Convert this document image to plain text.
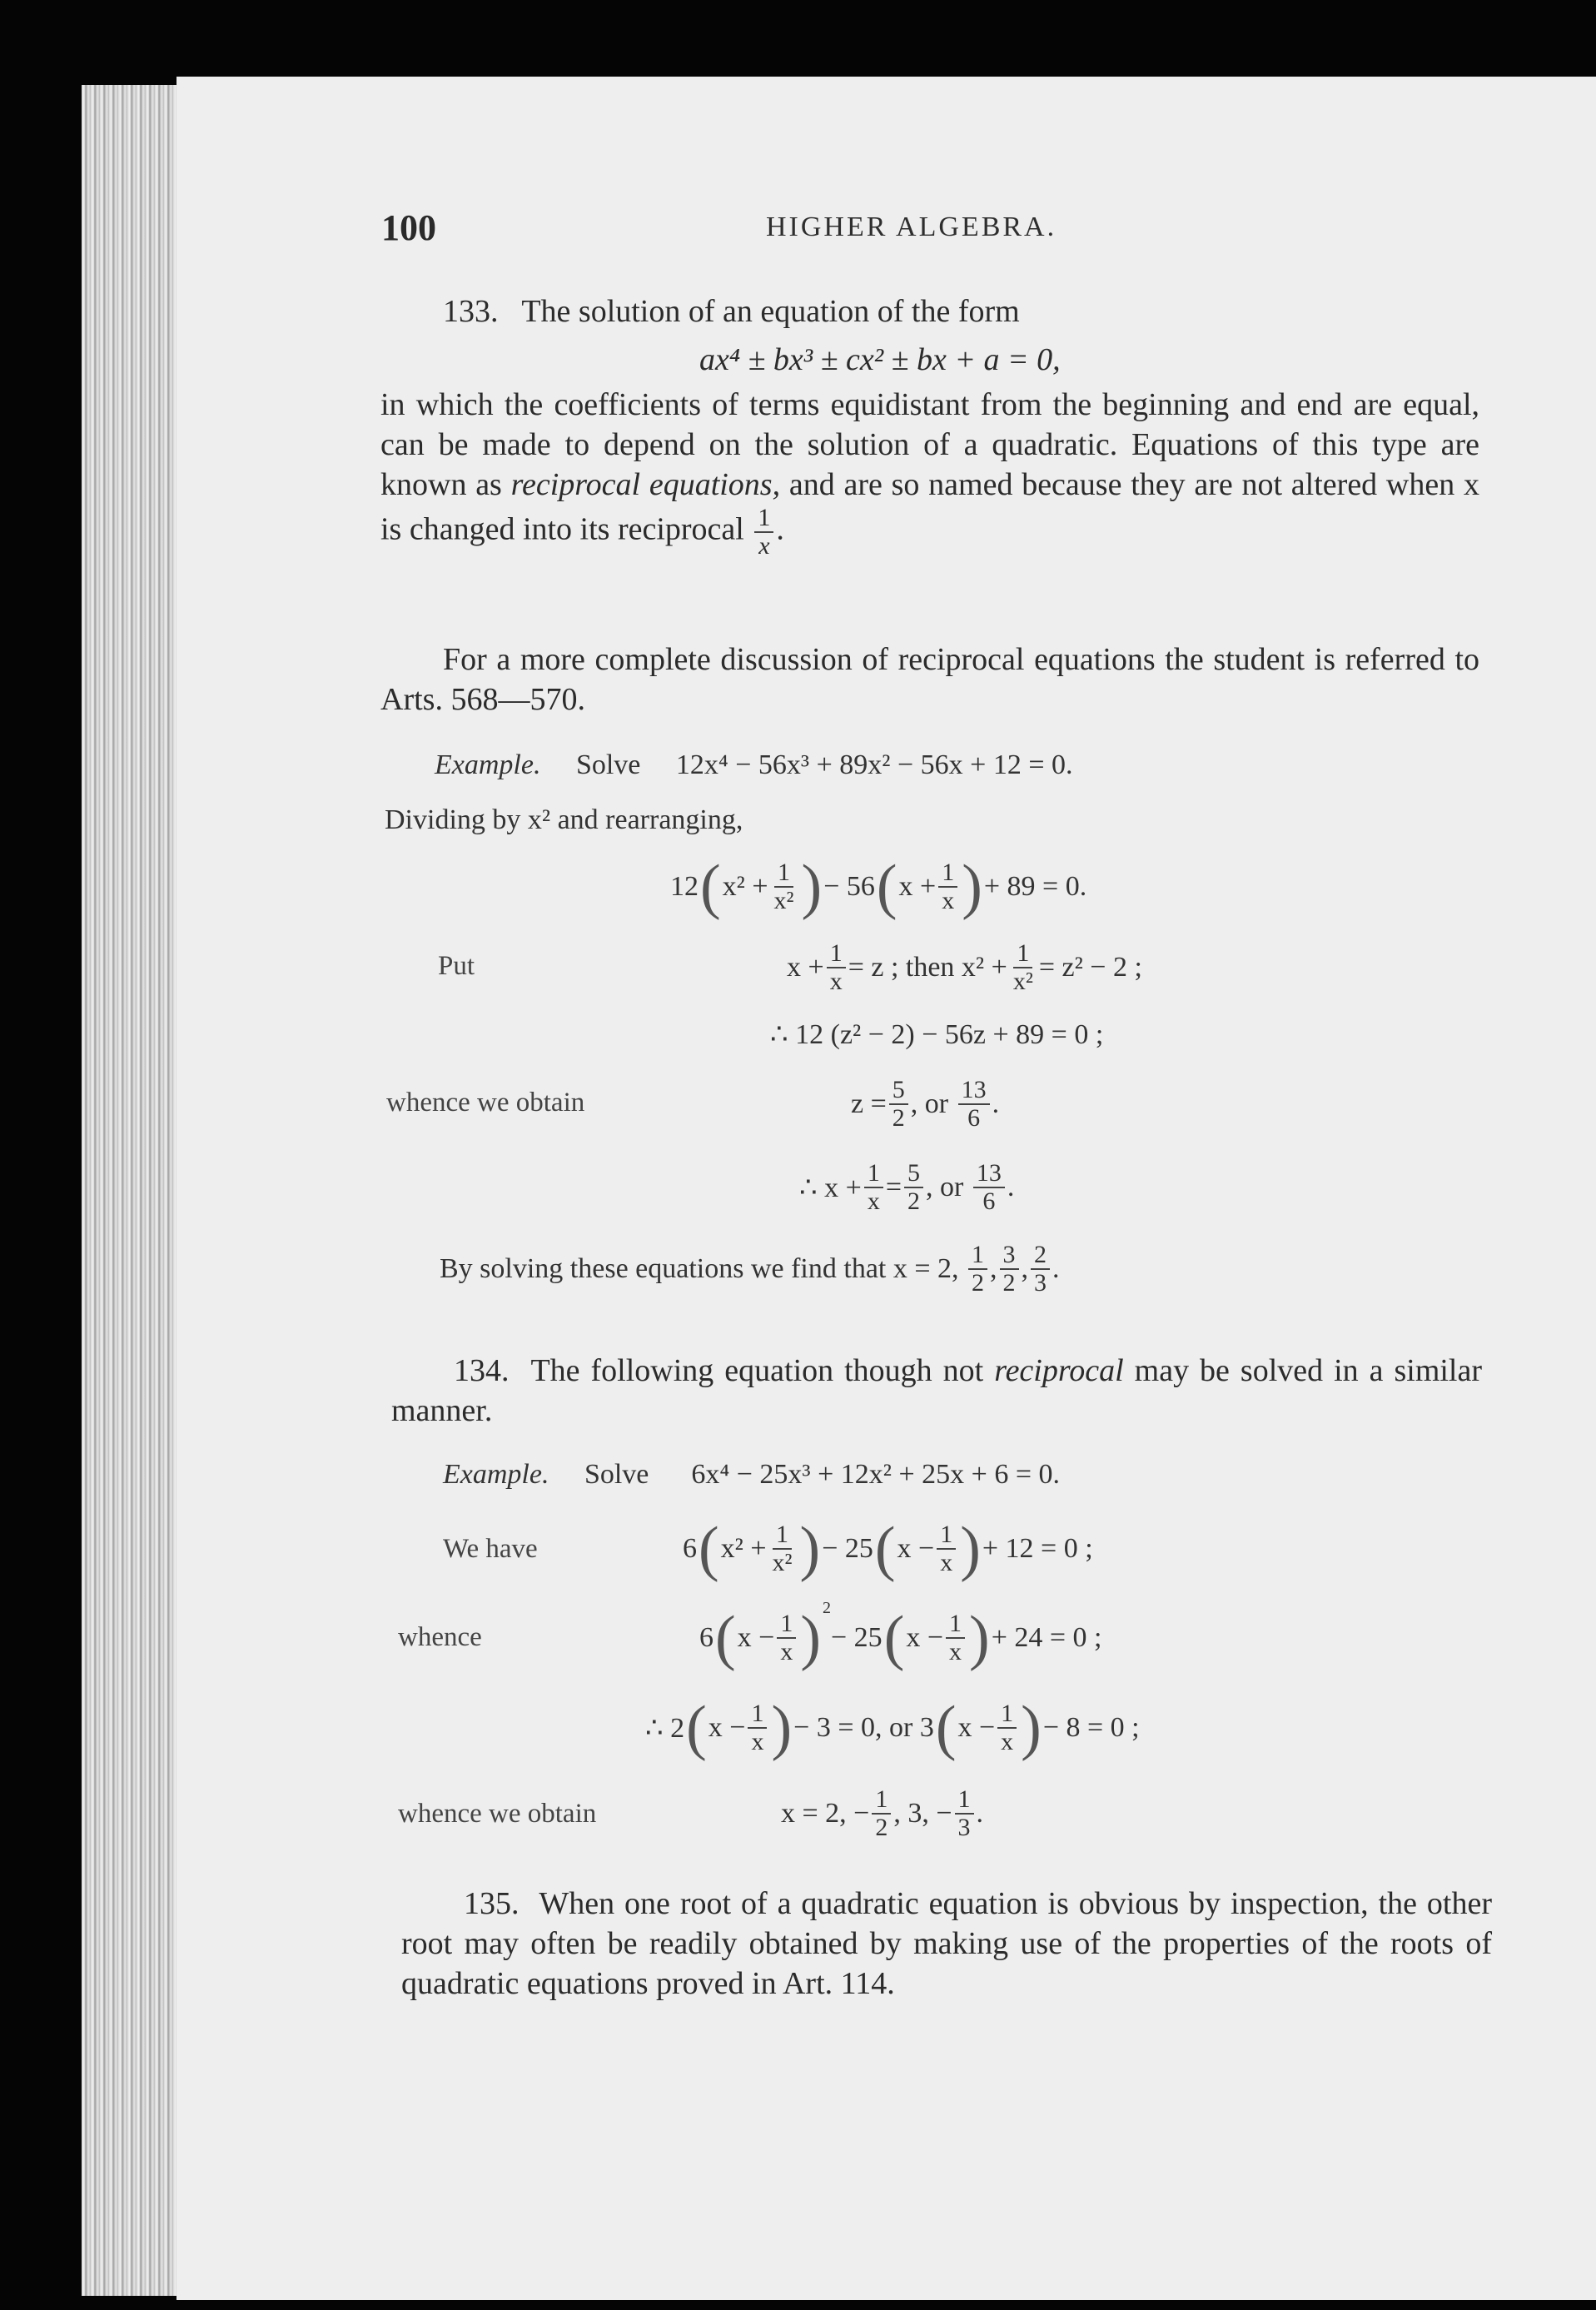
100	HIGHER ALGEBRA.
133. The solution of an equation of the form
ax⁴ ± bx³ ± cx² ± bx + a = 0,
in which the coefficients of terms equidistant from the beginning and end are equal, can be made to depend on the solution of a quadratic. Equations of this type are known as reciprocal equations, and are so named because they are not altered when x is changed into its reciprocal $\frac{1}{x}$ .
For a more complete discussion of reciprocal equations the student is referred to Arts. 568—570.
Example. Solve 12x⁴ − 56x³ + 89x² − 56x + 12 = 0.
Dividing by x² and rearranging,
12 ( $x^2 + \frac{1}{\text{x²}}$ ) − 56 ( $x + \frac{1}{x}$ ) + 89 = 0.
Put	$x + \frac{1}{x} = z$ ; then $x^2 + \frac{1}{\text{x²}} = z^2 - 2$ ;
∴ 12 (z² − 2) − 56z + 89 = 0 ;
whence we obtain	$z = \frac{5}{2}$ , or
$\frac{13}{6}$ .
∴ $x + \frac{1}{x} = \frac{5}{2}$ , or
$\frac{13}{6}$ .
By solving these equations we find that x = 2,
$\frac{1}{2}$ , $\frac{3}{2}$ , $\frac{2}{3}$ .
134. The following equation though not reciprocal may be solved in a similar manner.
Example. Solve 6x⁴ − 25x³ + 12x² + 25x + 6 = 0.
We have	6 ( $x^2 + \frac{1}{\text{x²}}$ ) − 25 ( $x - \frac{1}{x}$ ) + 12 = 0 ;
whence	6 ( $x - \frac{1}{x} )^2$
− 25 ( $x - \frac{1}{x}$ ) + 24 = 0 ;
∴ 2 ( $x - \frac{1}{x}$ ) − 3 = 0, or 3 ( $x - \frac{1}{x}$ ) − 8 = 0 ;
whence we obtain	x = 2, − $\frac{1}{2}$ , 3, − $\frac{1}{3}$ .
135. When one root of a quadratic equation is obvious by inspection, the other root may often be readily obtained by making use of the properties of the roots of quadratic equations proved in Art. 114.
